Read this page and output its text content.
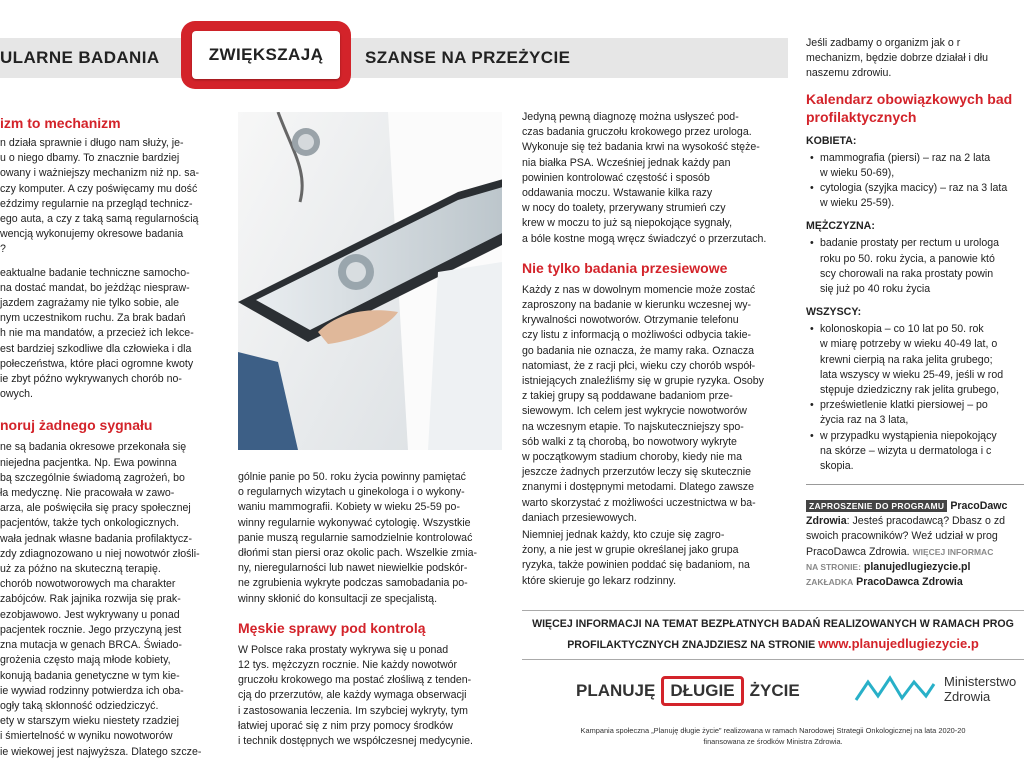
ULARNE BADANIA	ZWIĘKSZAJĄ	SZANSE NA PRZEŻYCIE
izm to mechanizm

n działa sprawnie i długo nam służy, je-
u o niego dbamy. To znacznie bardziej
owany i ważniejszy mechanizm niż np. sa-
czy komputer. A czy poświęcamy mu dość
eździmy regularnie na przegląd technicz-
ego auta, a czy z taką samą regularnością
wencją wykonujemy okresowe badania
?

eaktualne badanie techniczne samocho-
na dostać mandat, bo jeżdżąc niespraw-
jazdem zagrażamy nie tylko sobie, ale
nym uczestnikom ruchu. Za brak badań
h nie ma mandatów, a przecież ich lekce-
est bardziej szkodliwe dla człowieka i dla
połeczeństwa, które płaci ogromne kwoty
ie zbyt późno wykrywanych chorób no-
owych.

noruj żadnego sygnału

ne są badania okresowe przekonała się
niejedna pacjentka. Np. Ewa powinna
bą szczególnie świadomą zagrożeń, bo
ła medycznę. Nie pracowała w zawo-
arza, ale poświęciła się pracy społecznej
pacjentów, także tych onkologicznych.
wała jednak własne badania profilaktycz-
zdy zdiagnozowano u niej nowotwór złośli-
uż za późno na skuteczną terapię.
chorób nowotworowych ma charakter
zabójców. Rak jajnika rozwija się prak-
ezobjawowo. Jest wykrywany u ponad
pacjentek rocznie. Jego przyczyną jest
zna mutacja w genach BRCA. Świado-
grożenia często mają młode kobiety,
konują badania genetyczne w tym kie-
ie wywiad rodzinny potwierdza ich oba-
ogły taką skłonność odziedziczyć.
ety w starszym wieku niestety rzadziej
i śmiertelność w wyniku nowotworów
ie wiekowej jest najwyższa. Dlatego szcze-

gólnie panie po 50. roku życia powinny pamiętać
o regularnych wizytach u ginekologa i o wykony-
waniu mammografii. Kobiety w wieku 25-59 po-
winny regularnie wykonywać cytologię. Wszystkie
panie muszą regularnie samodzielnie kontrolować
dłońmi stan piersi oraz okolic pach. Wszelkie zmia-
ny, nieregularności lub nawet niewielkie podskór-
ne zgrubienia wykryte podczas samobadania po-
winny skłonić do konsultacji ze specjalistą.

Męskie sprawy pod kontrolą

W Polsce raka prostaty wykrywa się u ponad
12 tys. mężczyzn rocznie. Nie każdy nowotwór
gruczołu krokowego ma postać złośliwą z tenden-
cją do przerzutów, ale każdy wymaga obserwacji
i zastosowania leczenia. Im szybciej wykryty, tym
łatwiej uporać się z nim przy pomocy środków
i technik dostępnych we współczesnej medycynie.

Jedyną pewną diagnozę można usłyszeć pod-
czas badania gruczołu krokowego przez urologa.
Wykonuje się też badania krwi na wysokość stęże-
nia białka PSA. Wcześniej jednak każdy pan
powinien kontrolować częstość i sposób
oddawania moczu. Wstawanie kilka razy
w nocy do toalety, przerywany strumień czy
krew w moczu to już są niepokojące sygnały,
a bóle kostne mogą wręcz świadczyć o przerzutach.

Nie tylko badania przesiewowe

Każdy z nas w dowolnym momencie może zostać
zaproszony na badanie w kierunku wczesnej wy-
krywalności nowotworów. Otrzymanie telefonu
czy listu z informacją o możliwości odbycia takie-
go badania nie oznacza, że mamy raka. Oznacza
natomiast, że z racji płci, wieku czy chorób współ-
istniejących znaleźliśmy się w grupie ryzyka. Osoby
z takiej grupy są poddawane badaniom prze-
siewowym. Ich celem jest wykrycie nowotworów
na wczesnym etapie. To najskuteczniejszy spo-
sób walki z tą chorobą, bo nowotwory wykryte
w początkowym stadium choroby, kiedy nie ma
jeszcze żadnych przerzutów leczy się skutecznie
znanymi i dostępnymi metodami. Dlatego zawsze
warto skorzystać z możliwości uczestnictwa w ba-
daniach przesiewowych.

Niemniej jednak każdy, kto czuje się zagro-
żony, a nie jest w grupie określanej jako grupa
ryzyka, także powinien poddać się badaniom, na
które skieruje go lekarz rodzinny.

Jeśli zadbamy o organizm jak o r
mechanizm, będzie dobrze działał i dłu
naszemu zdrowiu.

Kalendarz obowiązkowych bad
profilaktycznych
KOBIETA:
• mammografia (piersi) – raz na 2 lata
w wieku 50-69),
• cytologia (szyjka macicy) – raz na 3 lata
w wieku 25-59).
MĘŻCZYZNA:
• badanie prostaty per rectum u urologa
roku po 50. roku życia, a panowie któ
scy chorowali na raka prostaty powin
się już po 40 roku życia
WSZYSCY:
• kolonoskopia – co 10 lat po 50. rok
w miarę potrzeby w wieku 40-49 lat, o
krewni cierpią na raka jelita grubego;
lata wszyscy w wieku 25-49, jeśli w rod
stępuje dziedziczny rak jelita grubego,
• prześwietlenie klatki piersiowej – po
życia raz na 3 lata,
• w przypadku wystąpienia niepokojący
na skórze – wizyta u dermatologa i c
skopia.
ZAPROSZENIE DO PROGRAMU PracoDawc
Zdrowia: Jesteś pracodawcą? Dbasz o zd
swoich pracowników? Weź udział w prog
PracoDawca Zdrowia. WIĘCEJ INFORMAC
NA STRONIE: planujedlugiezycie.pl
ZAKŁADKA PracoDawca Zdrowia
WIĘCEJ INFORMACJI NA TEMAT BEZPŁATNYCH BADAŃ REALIZOWANYCH W RAMACH PROG
PROFILAKTYCZNYCH ZNAJDZIESZ NA STRONIE www.planujedlugiezycie.p
PLANUJĘ DŁUGIE ŻYCIE	Ministerstwo
Zdrowia
Kampania społeczna „Planuję długie życie” realizowana w ramach Narodowej Strategii Onkologicznej na lata 2020-20
finansowana ze środków Ministra Zdrowia.
